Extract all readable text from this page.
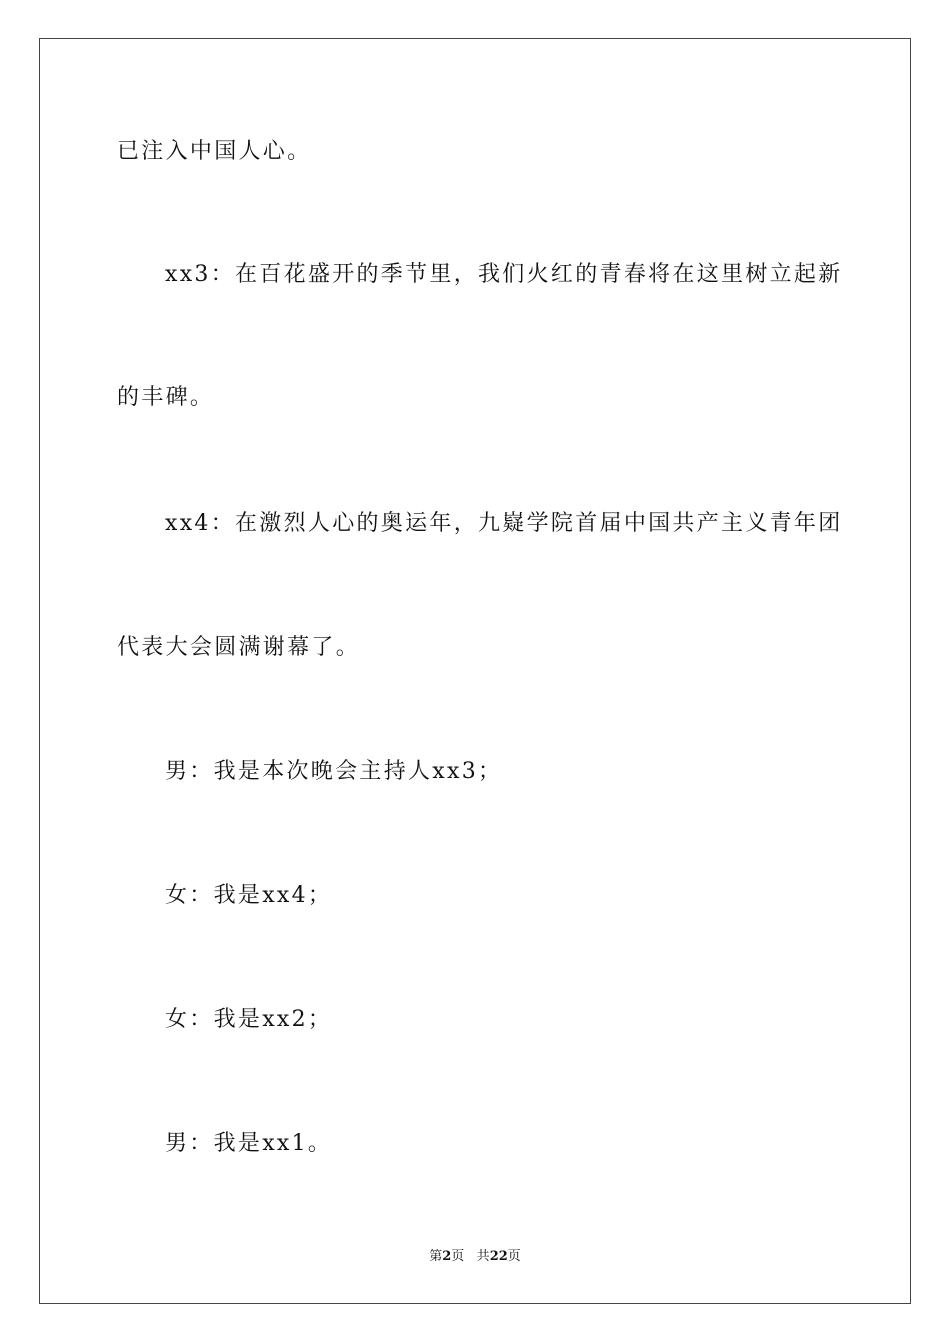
已注入中国人心。
xx3：在百花盛开的季节里，我们火红的青春将在这里树立起新
的丰碑。
xx4：在激烈人心的奥运年，九嶷学院首届中国共产主义青年团
代表大会圆满谢幕了。
男：我是本次晚会主持人xx3；
女：我是xx4；
女：我是xx2；
男：我是xx1。
第2页 共22页
